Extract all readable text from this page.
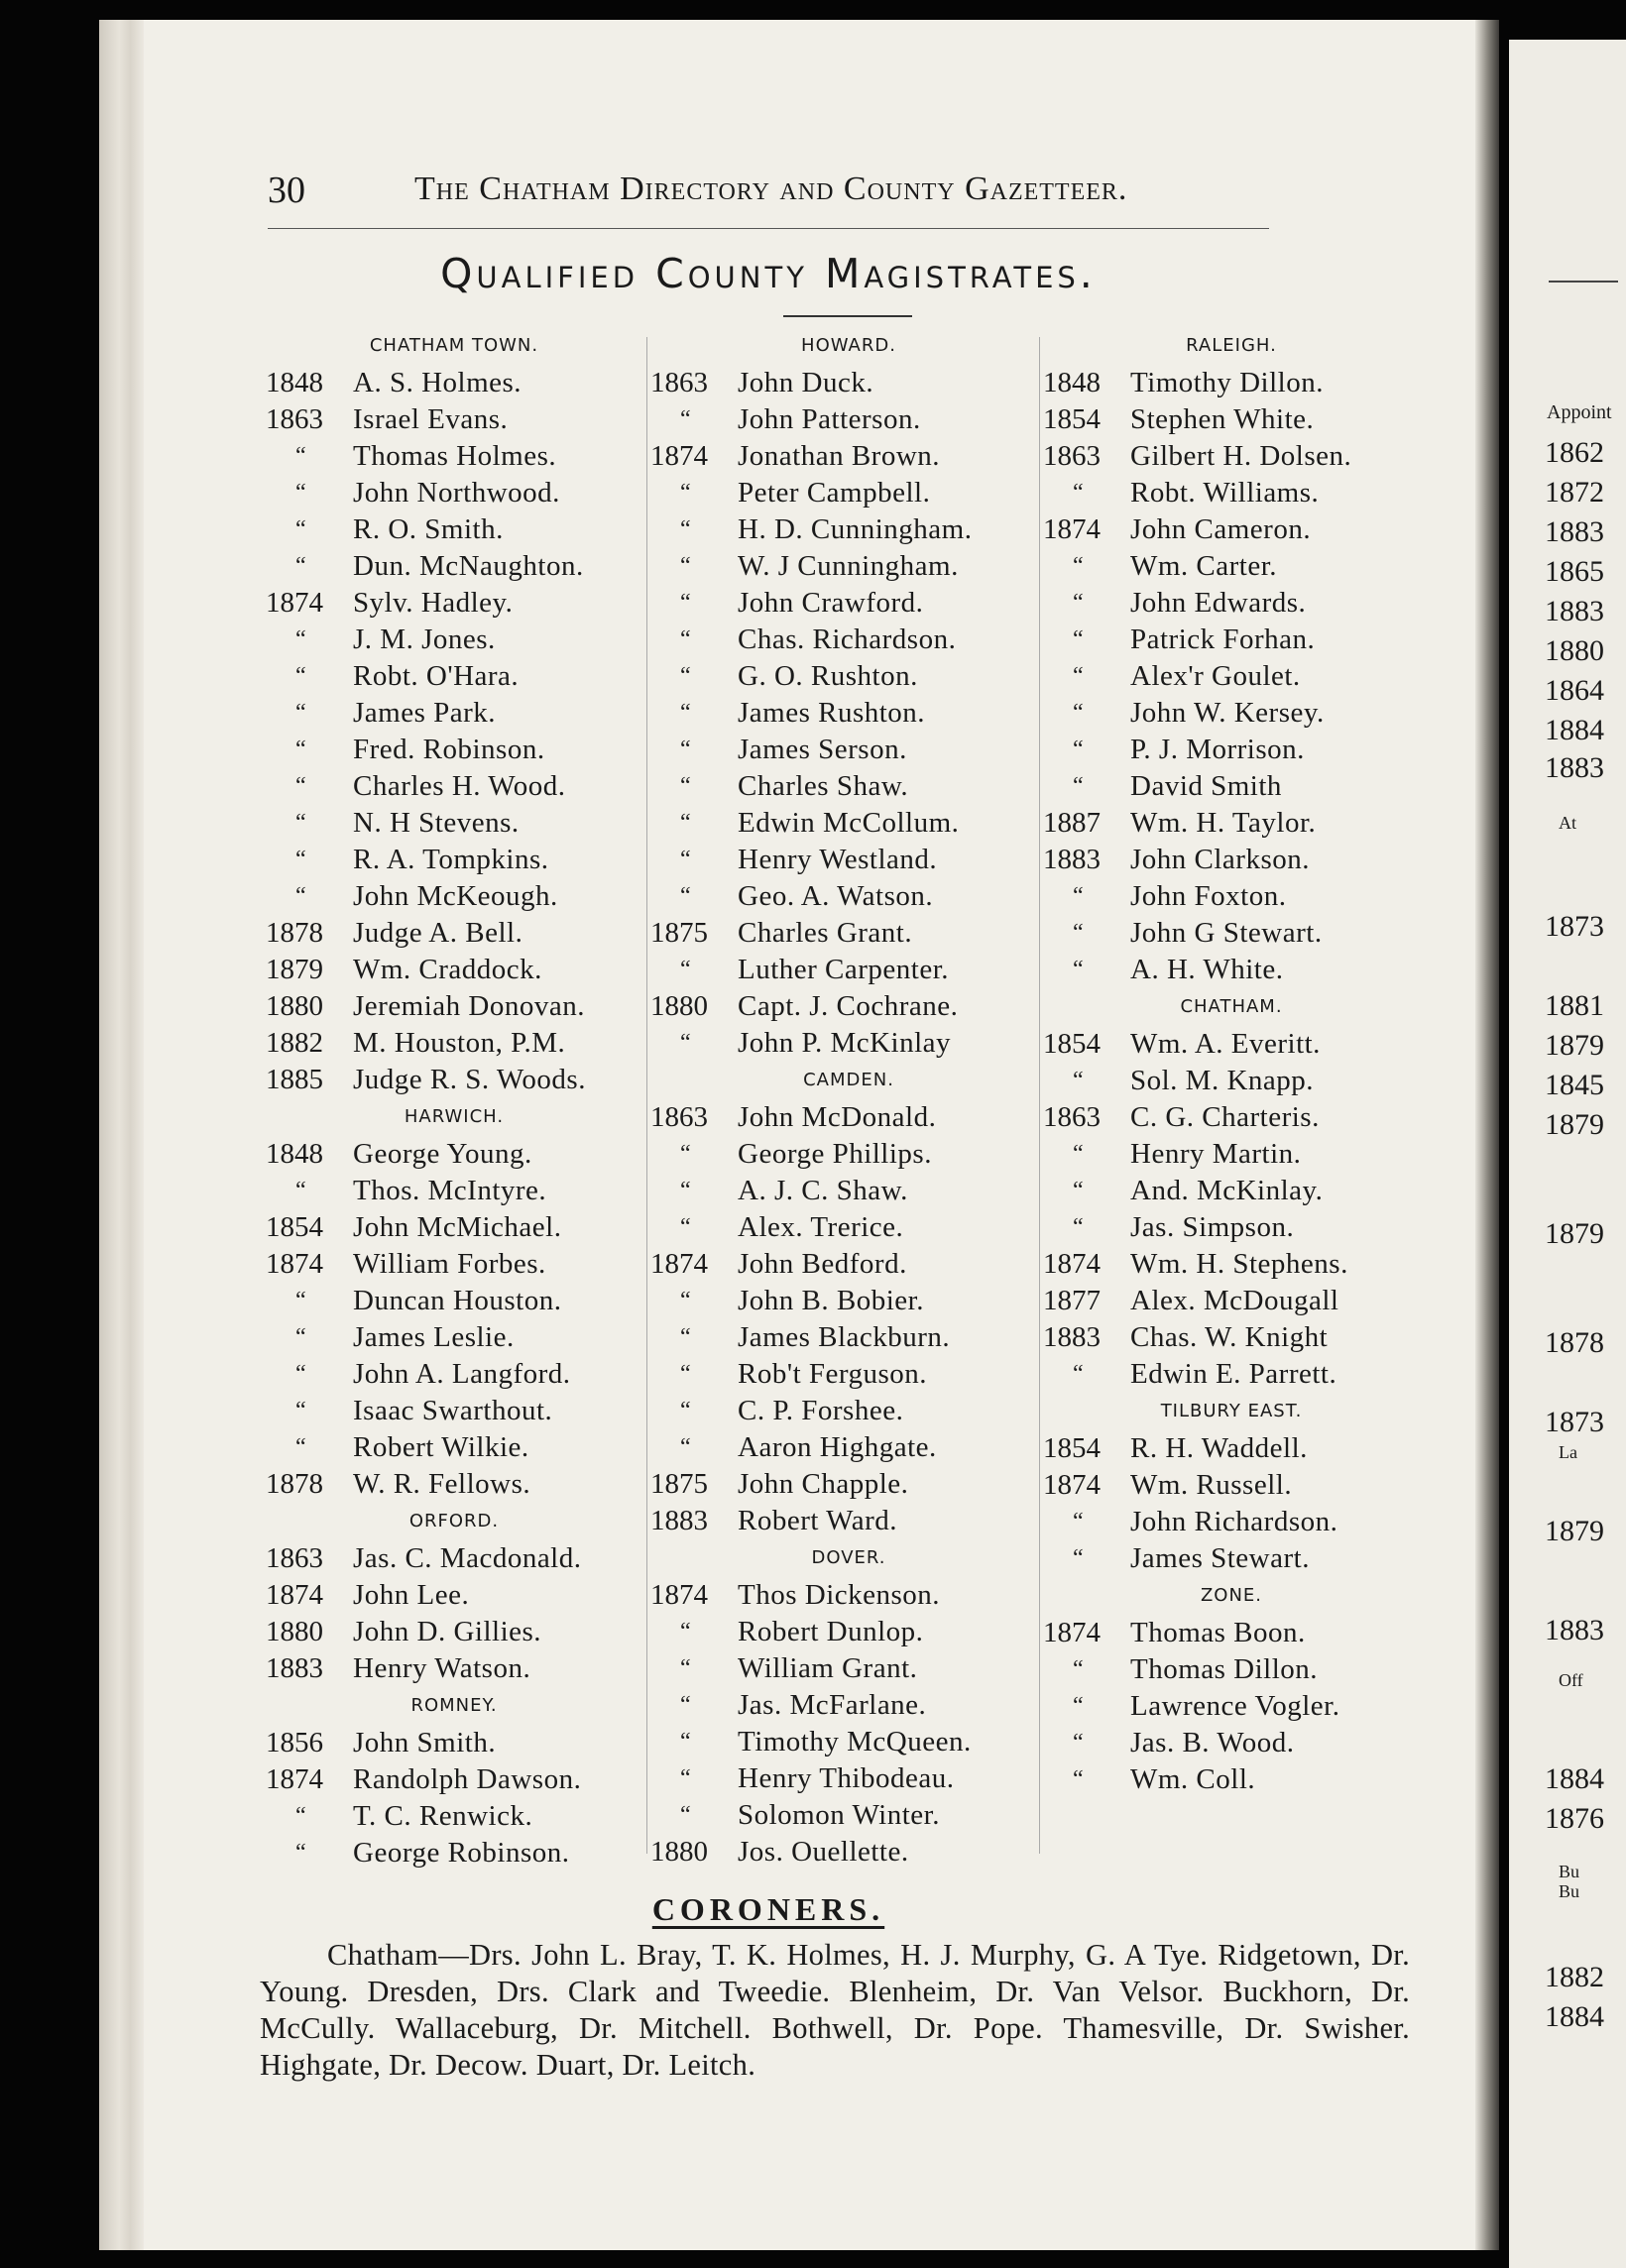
Appoint
1862
1872
1883
1865
1883
1880
1864
1884
1883
1873
1881
1879
1845
1879
1879
1878
1873
1879
1883
1884
1876
1882
1884
At
La
Off
Bu
Bu
30	The Chatham Directory and County Gazetteer.
Qualified County Magistrates.
CHATHAM TOWN.
1848	A. S. Holmes.
1863	Israel Evans.
“	Thomas Holmes.
“	John Northwood.
“	R. O. Smith.
“	Dun. McNaughton.
1874	Sylv. Hadley.
“	J. M. Jones.
“	Robt. O'Hara.
“	James Park.
“	Fred. Robinson.
“	Charles H. Wood.
“	N. H Stevens.
“	R. A. Tompkins.
“	John McKeough.
1878	Judge A. Bell.
1879	Wm. Craddock.
1880	Jeremiah Donovan.
1882	M. Houston, P.M.
1885	Judge R. S. Woods.
HARWICH.
1848	George Young.
“	Thos. McIntyre.
1854	John McMichael.
1874	William Forbes.
“	Duncan Houston.
“	James Leslie.
“	John A. Langford.
“	Isaac Swarthout.
“	Robert Wilkie.
1878	W. R. Fellows.
ORFORD.
1863	Jas. C. Macdonald.
1874	John Lee.
1880	John D. Gillies.
1883	Henry Watson.
ROMNEY.
1856	John Smith.
1874	Randolph Dawson.
“	T. C. Renwick.
“	George Robinson.
HOWARD.
1863	John Duck.
“	John Patterson.
1874	Jonathan Brown.
“	Peter Campbell.
“	H. D. Cunningham.
“	W. J Cunningham.
“	John Crawford.
“	Chas. Richardson.
“	G. O. Rushton.
“	James Rushton.
“	James Serson.
“	Charles Shaw.
“	Edwin McCollum.
“	Henry Westland.
“	Geo. A. Watson.
1875	Charles Grant.
“	Luther Carpenter.
1880	Capt. J. Cochrane.
“	John P. McKinlay
CAMDEN.
1863	John McDonald.
“	George Phillips.
“	A. J. C. Shaw.
“	Alex. Trerice.
1874	John Bedford.
“	John B. Bobier.
“	James Blackburn.
“	Rob't Ferguson.
“	C. P. Forshee.
“	Aaron Highgate.
1875	John Chapple.
1883	Robert Ward.
DOVER.
1874	Thos Dickenson.
“	Robert Dunlop.
“	William Grant.
“	Jas. McFarlane.
“	Timothy McQueen.
“	Henry Thibodeau.
“	Solomon Winter.
1880	Jos. Ouellette.
RALEIGH.
1848	Timothy Dillon.
1854	Stephen White.
1863	Gilbert H. Dolsen.
“	Robt. Williams.
1874	John Cameron.
“	Wm. Carter.
“	John Edwards.
“	Patrick Forhan.
“	Alex'r Goulet.
“	John W. Kersey.
“	P. J. Morrison.
“	David Smith
1887	Wm. H. Taylor.
1883	John Clarkson.
“	John Foxton.
“	John G Stewart.
“	A. H. White.
CHATHAM.
1854	Wm. A. Everitt.
“	Sol. M. Knapp.
1863	C. G. Charteris.
“	Henry Martin.
“	And. McKinlay.
“	Jas. Simpson.
1874	Wm. H. Stephens.
1877	Alex. McDougall
1883	Chas. W. Knight
“	Edwin E. Parrett.
TILBURY EAST.
1854	R. H. Waddell.
1874	Wm. Russell.
“	John Richardson.
“	James Stewart.
ZONE.
1874	Thomas Boon.
“	Thomas Dillon.
“	Lawrence Vogler.
“	Jas. B. Wood.
“	Wm. Coll.
CORONERS.
Chatham—Drs. John L. Bray, T. K. Holmes, H. J. Murphy, G. A Tye. Ridgetown, Dr. Young. Dresden, Drs. Clark and Tweedie. Blenheim, Dr. Van Velsor. Buckhorn, Dr. McCully. Wallaceburg, Dr. Mitchell. Bothwell, Dr. Pope. Thamesville, Dr. Swisher. Highgate, Dr. Decow. Duart, Dr. Leitch.
